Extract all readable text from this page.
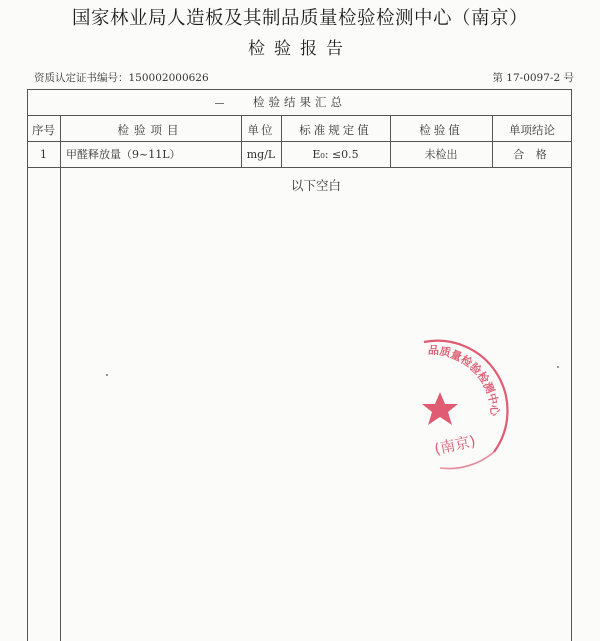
国家林业局人造板及其制品质量检验检测中心（南京）
检验报告
资质认定证书编号：150002000626	第 17-0097-2 号
检验结果汇总
序号	检验项目	单位	标准规定值	检验值	单项结论
1	甲醛释放量（9~11L）	mg/L	E₀: ≤0.5	未检出	合 格
以下空白
品质量检验检测中心
(南京)
